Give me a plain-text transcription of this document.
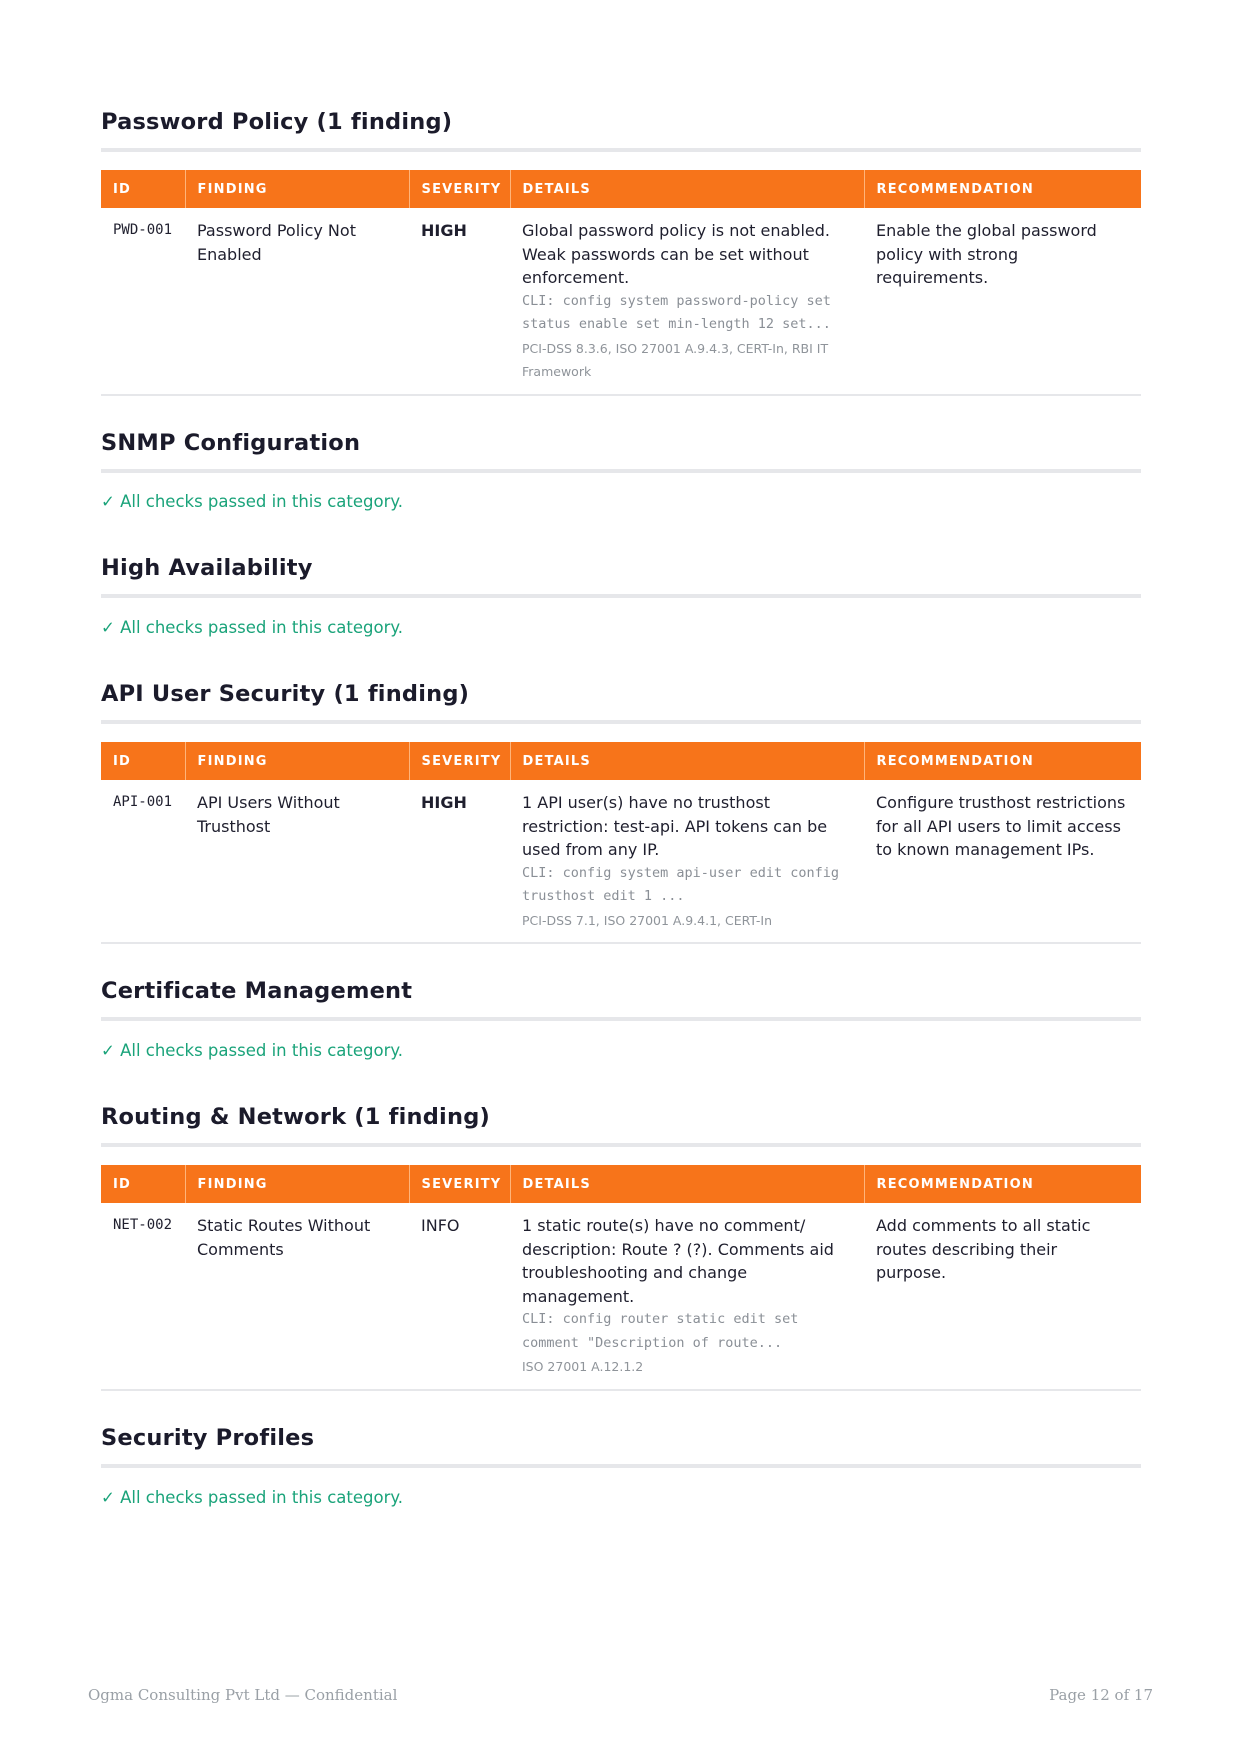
Password Policy (1 finding)
ID	FINDING	SEVERITY	DETAILS	RECOMMENDATION
PWD-001	Password Policy Not Enabled	HIGH	Global password policy is not enabled. Weak passwords can be set without enforcement.
CLI: config system password-policy set status enable set min-length 12 set...
PCI-DSS 8.3.6, ISO 27001 A.9.4.3, CERT-In, RBI IT Framework	Enable the global password policy with strong requirements.
SNMP Configuration
✓ All checks passed in this category.
High Availability
✓ All checks passed in this category.
API User Security (1 finding)
ID	FINDING	SEVERITY	DETAILS	RECOMMENDATION
API-001	API Users Without Trusthost	HIGH	1 API user(s) have no trusthost restriction: test-api. API tokens can be used from any IP.
CLI: config system api-user edit config trusthost edit 1 ...
PCI-DSS 7.1, ISO 27001 A.9.4.1, CERT-In	Configure trusthost restrictions for all API users to limit access to known management IPs.
Certificate Management
✓ All checks passed in this category.
Routing & Network (1 finding)
ID	FINDING	SEVERITY	DETAILS	RECOMMENDATION
NET-002	Static Routes Without Comments	INFO	1 static route(s) have no comment/ description: Route ? (?). Comments aid troubleshooting and change management.
CLI: config router static edit set comment "Description of route...
ISO 27001 A.12.1.2	Add comments to all static routes describing their purpose.
Security Profiles
✓ All checks passed in this category.
Ogma Consulting Pvt Ltd — Confidential	Page 12 of 17
